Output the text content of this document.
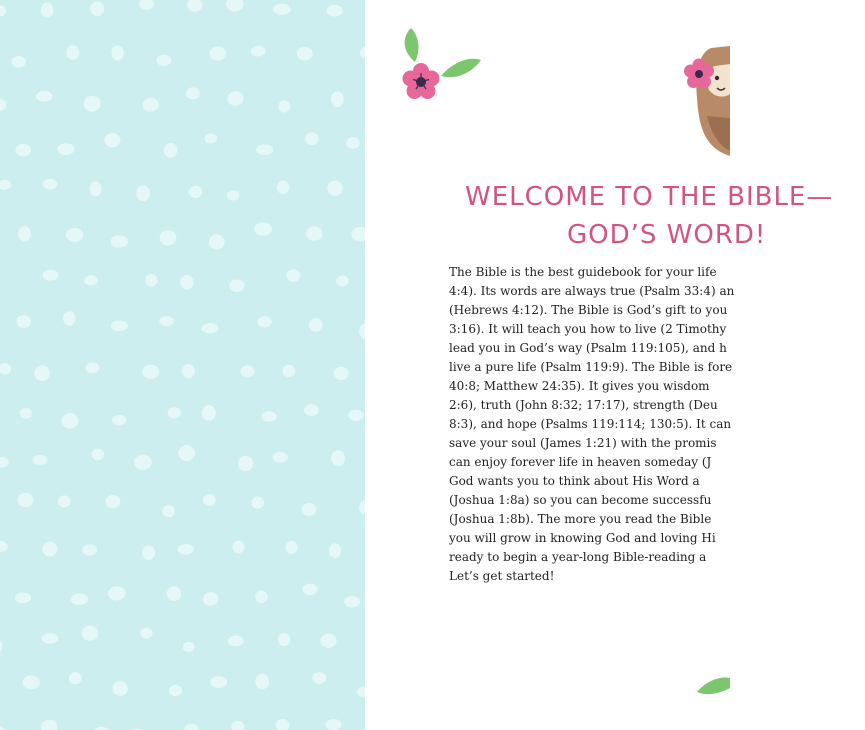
WELCOME TO THE BIBLE—
GOD’S WORD!
The Bible is the best guidebook for your life
4:4). Its words are always true (Psalm 33:4) an
(Hebrews 4:12). The Bible is God’s gift to you
3:16). It will teach you how to live (2 Timothy
lead you in God’s way (Psalm 119:105), and h
live a pure life (Psalm 119:9). The Bible is fore
40:8; Matthew 24:35). It gives you wisdom
2:6), truth (John 8:32; 17:17), strength (Deu
8:3), and hope (Psalms 119:114; 130:5). It can
save your soul (James 1:21) with the promis
can enjoy forever life in heaven someday (J
God wants you to think about His Word a
(Joshua 1:8a) so you can become successfu
(Joshua 1:8b). The more you read the Bible
you will grow in knowing God and loving Hi
ready to begin a year-long Bible-reading a
Let’s get started!
